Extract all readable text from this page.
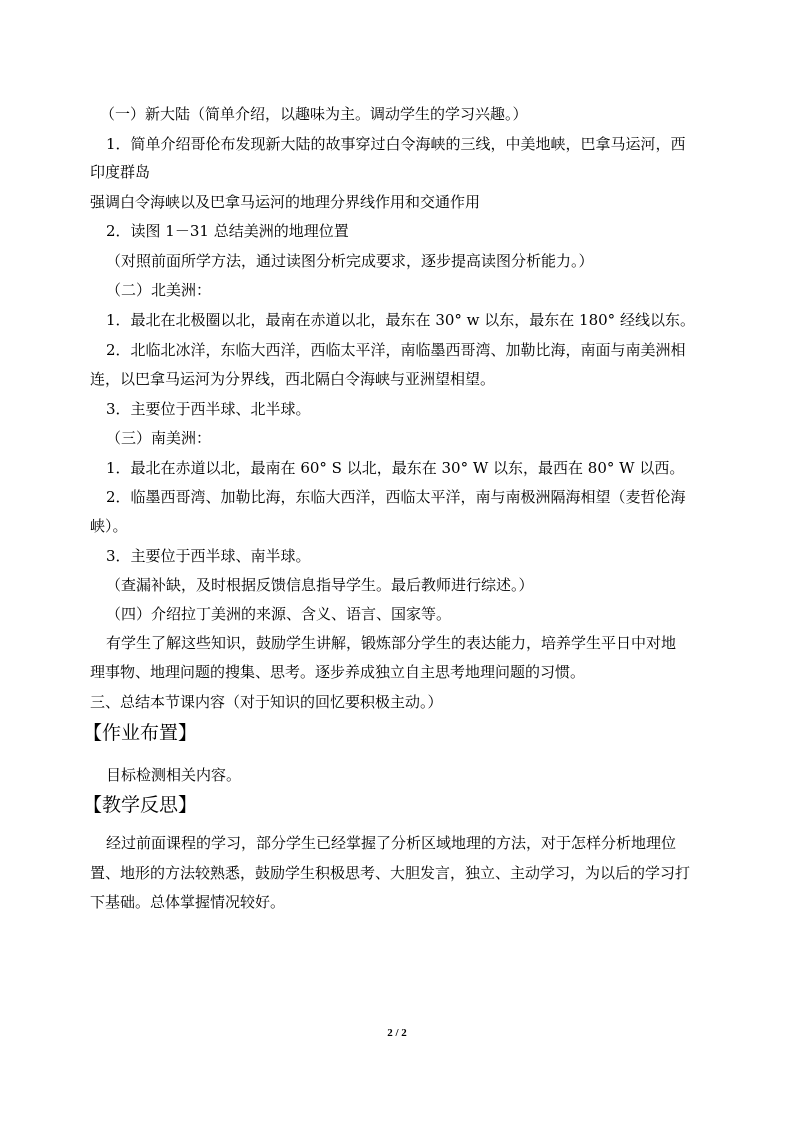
（一）新大陆（简单介绍，以趣味为主。调动学生的学习兴趣。）
1．简单介绍哥伦布发现新大陆的故事穿过白令海峡的三线，中美地峡，巴拿马运河，西
印度群岛
强调白令海峡以及巴拿马运河的地理分界线作用和交通作用
2．读图 1－31 总结美洲的地理位置
（对照前面所学方法，通过读图分析完成要求，逐步提高读图分析能力。）
（二）北美洲：
1．最北在北极圈以北，最南在赤道以北，最东在 30° w 以东，最东在 180° 经线以东。
2．北临北冰洋，东临大西洋，西临太平洋，南临墨西哥湾、加勒比海，南面与南美洲相
连，以巴拿马运河为分界线，西北隔白令海峡与亚洲望相望。
3．主要位于西半球、北半球。
（三）南美洲：
1．最北在赤道以北，最南在 60° S 以北，最东在 30° W 以东，最西在 80° W 以西。
2．临墨西哥湾、加勒比海，东临大西洋，西临太平洋，南与南极洲隔海相望（麦哲伦海
峡）。
3．主要位于西半球、南半球。
（查漏补缺，及时根据反馈信息指导学生。最后教师进行综述。）
（四）介绍拉丁美洲的来源、含义、语言、国家等。
有学生了解这些知识，鼓励学生讲解，锻炼部分学生的表达能力，培养学生平日中对地
理事物、地理问题的搜集、思考。逐步养成独立自主思考地理问题的习惯。
三、总结本节课内容（对于知识的回忆要积极主动。）
【作业布置】
目标检测相关内容。
【教学反思】
经过前面课程的学习，部分学生已经掌握了分析区域地理的方法，对于怎样分析地理位
置、地形的方法较熟悉，鼓励学生积极思考、大胆发言，独立、主动学习，为以后的学习打
下基础。总体掌握情况较好。
2 / 2
